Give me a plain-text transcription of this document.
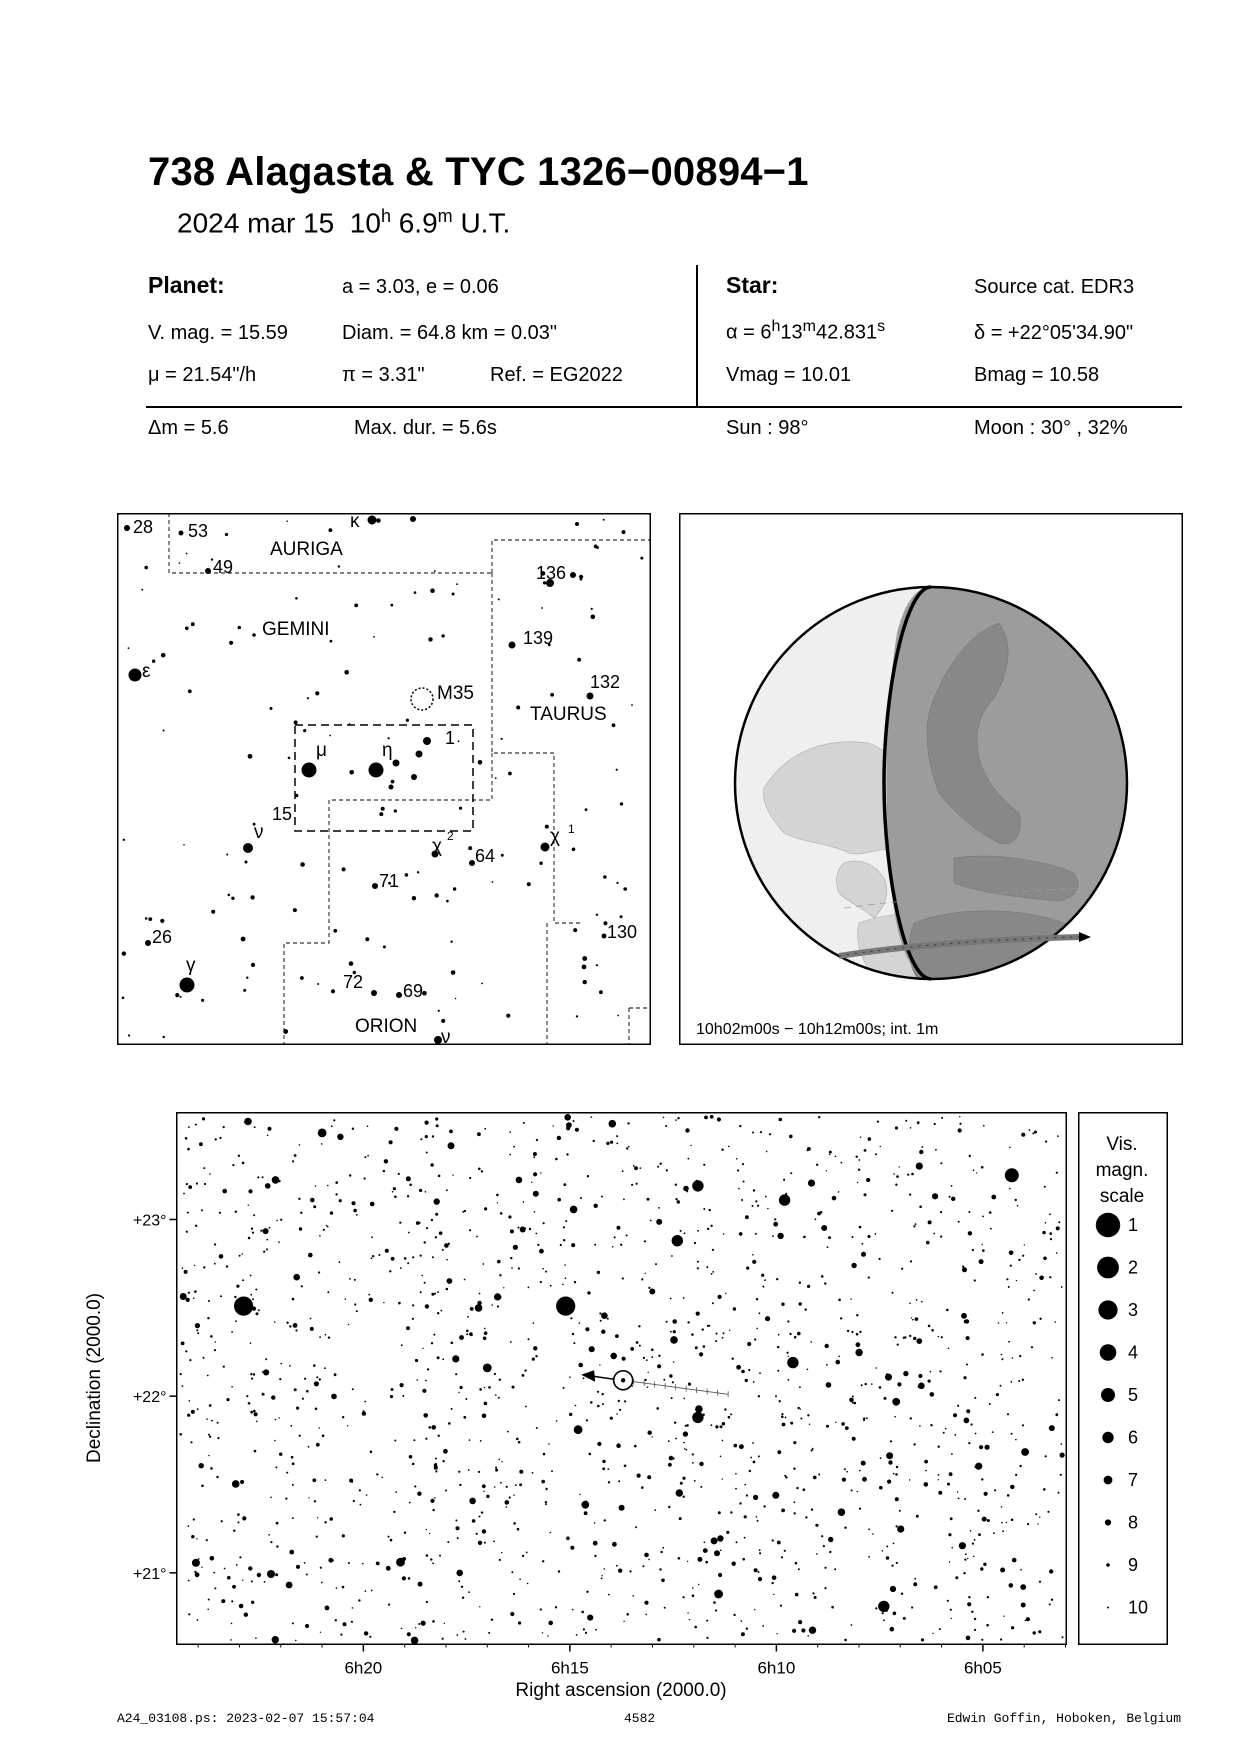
738 Alagasta & TYC 1326−00894−1
2024 mar 15 10$^h$ 6.9$^m$ U.T.
Planet:	a = 3.03, e = 0.06
V. mag. = 15.59	Diam. = 64.8 km = 0.03"
μ = 21.54"/h	π = 3.31"	Ref. = EG2022
Δm = 5.6	Max. dur. = 5.6s
Star:	Source cat. EDR3
$\alpha = 6^h13^m42.831^s$	δ = +22°05'34.90"
Vmag = 10.01	Bmag = 10.58
Sun : 98°	Moon : 30° , 32%
AURIGA
GEMINI
TAURUS
ORION
M35
28 53
49	136
139
132
1
15
64
71
130
26
72 69
κ
ε
μ	η
ν
χ 2	χ 1
γ
ν	10h02m00s − 10h12m00s; int. 1m
6h20	6h15	6h10	6h05
+23°
+22°
+21°
Right ascension (2000.0)
Declination (2000.0)
Vis.
magn.
scale
1
2
3
4
5
6
7
8
9
10
A24_03108.ps: 2023-02-07 15:57:04	4582	Edwin Goffin, Hoboken, Belgium
